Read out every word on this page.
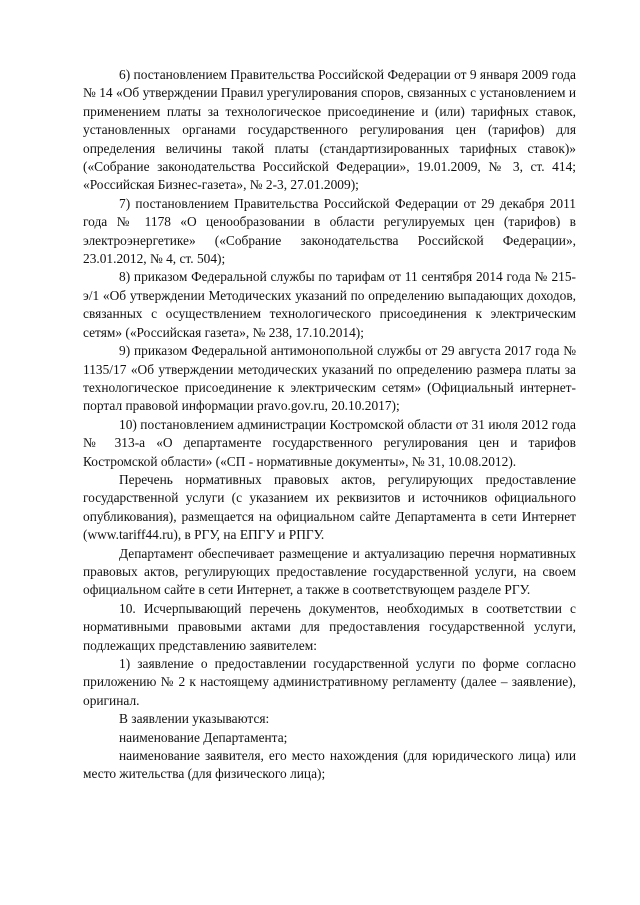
6) постановлением Правительства Российской Федерации от 9 января 2009 года № 14 «Об утверждении Правил урегулирования споров, связанных с установлением и применением платы за технологическое присоединение и (или) тарифных ставок, установленных органами государственного регулирования цен (тарифов) для определения величины такой платы (стандартизированных тарифных ставок)» («Собрание законодательства Российской Федерации», 19.01.2009, № 3, ст. 414; «Российская Бизнес-газета», № 2-3, 27.01.2009);

7) постановлением Правительства Российской Федерации от 29 декабря 2011 года № 1178 «О ценообразовании в области регулируемых цен (тарифов) в электроэнергетике» («Собрание законодательства Российской Федерации», 23.01.2012, № 4, ст. 504);

8) приказом Федеральной службы по тарифам от 11 сентября 2014 года № 215-э/1 «Об утверждении Методических указаний по определению выпадающих доходов, связанных с осуществлением технологического присоединения к электрическим сетям» («Российская газета», № 238, 17.10.2014);

9) приказом Федеральной антимонопольной службы от 29 августа 2017 года № 1135/17 «Об утверждении методических указаний по определению размера платы за технологическое присоединение к электрическим сетям» (Официальный интернет-портал правовой информации pravo.gov.ru, 20.10.2017);

10) постановлением администрации Костромской области от 31 июля 2012 года № 313-а «О департаменте государственного регулирования цен и тарифов Костромской области» («СП - нормативные документы», № 31, 10.08.2012).

Перечень нормативных правовых актов, регулирующих предоставление государственной услуги (с указанием их реквизитов и источников официального опубликования), размещается на официальном сайте Департамента в сети Интернет (www.tariff44.ru), в РГУ, на ЕПГУ и РПГУ.

Департамент обеспечивает размещение и актуализацию перечня нормативных правовых актов, регулирующих предоставление государственной услуги, на своем официальном сайте в сети Интернет, а также в соответствующем разделе РГУ.

10. Исчерпывающий перечень документов, необходимых в соответствии с нормативными правовыми актами для предоставления государственной услуги, подлежащих представлению заявителем:

1) заявление о предоставлении государственной услуги по форме согласно приложению № 2 к настоящему административному регламенту (далее – заявление), оригинал.

В заявлении указываются:

наименование Департамента;

наименование заявителя, его место нахождения (для юридического лица) или место жительства (для физического лица);
